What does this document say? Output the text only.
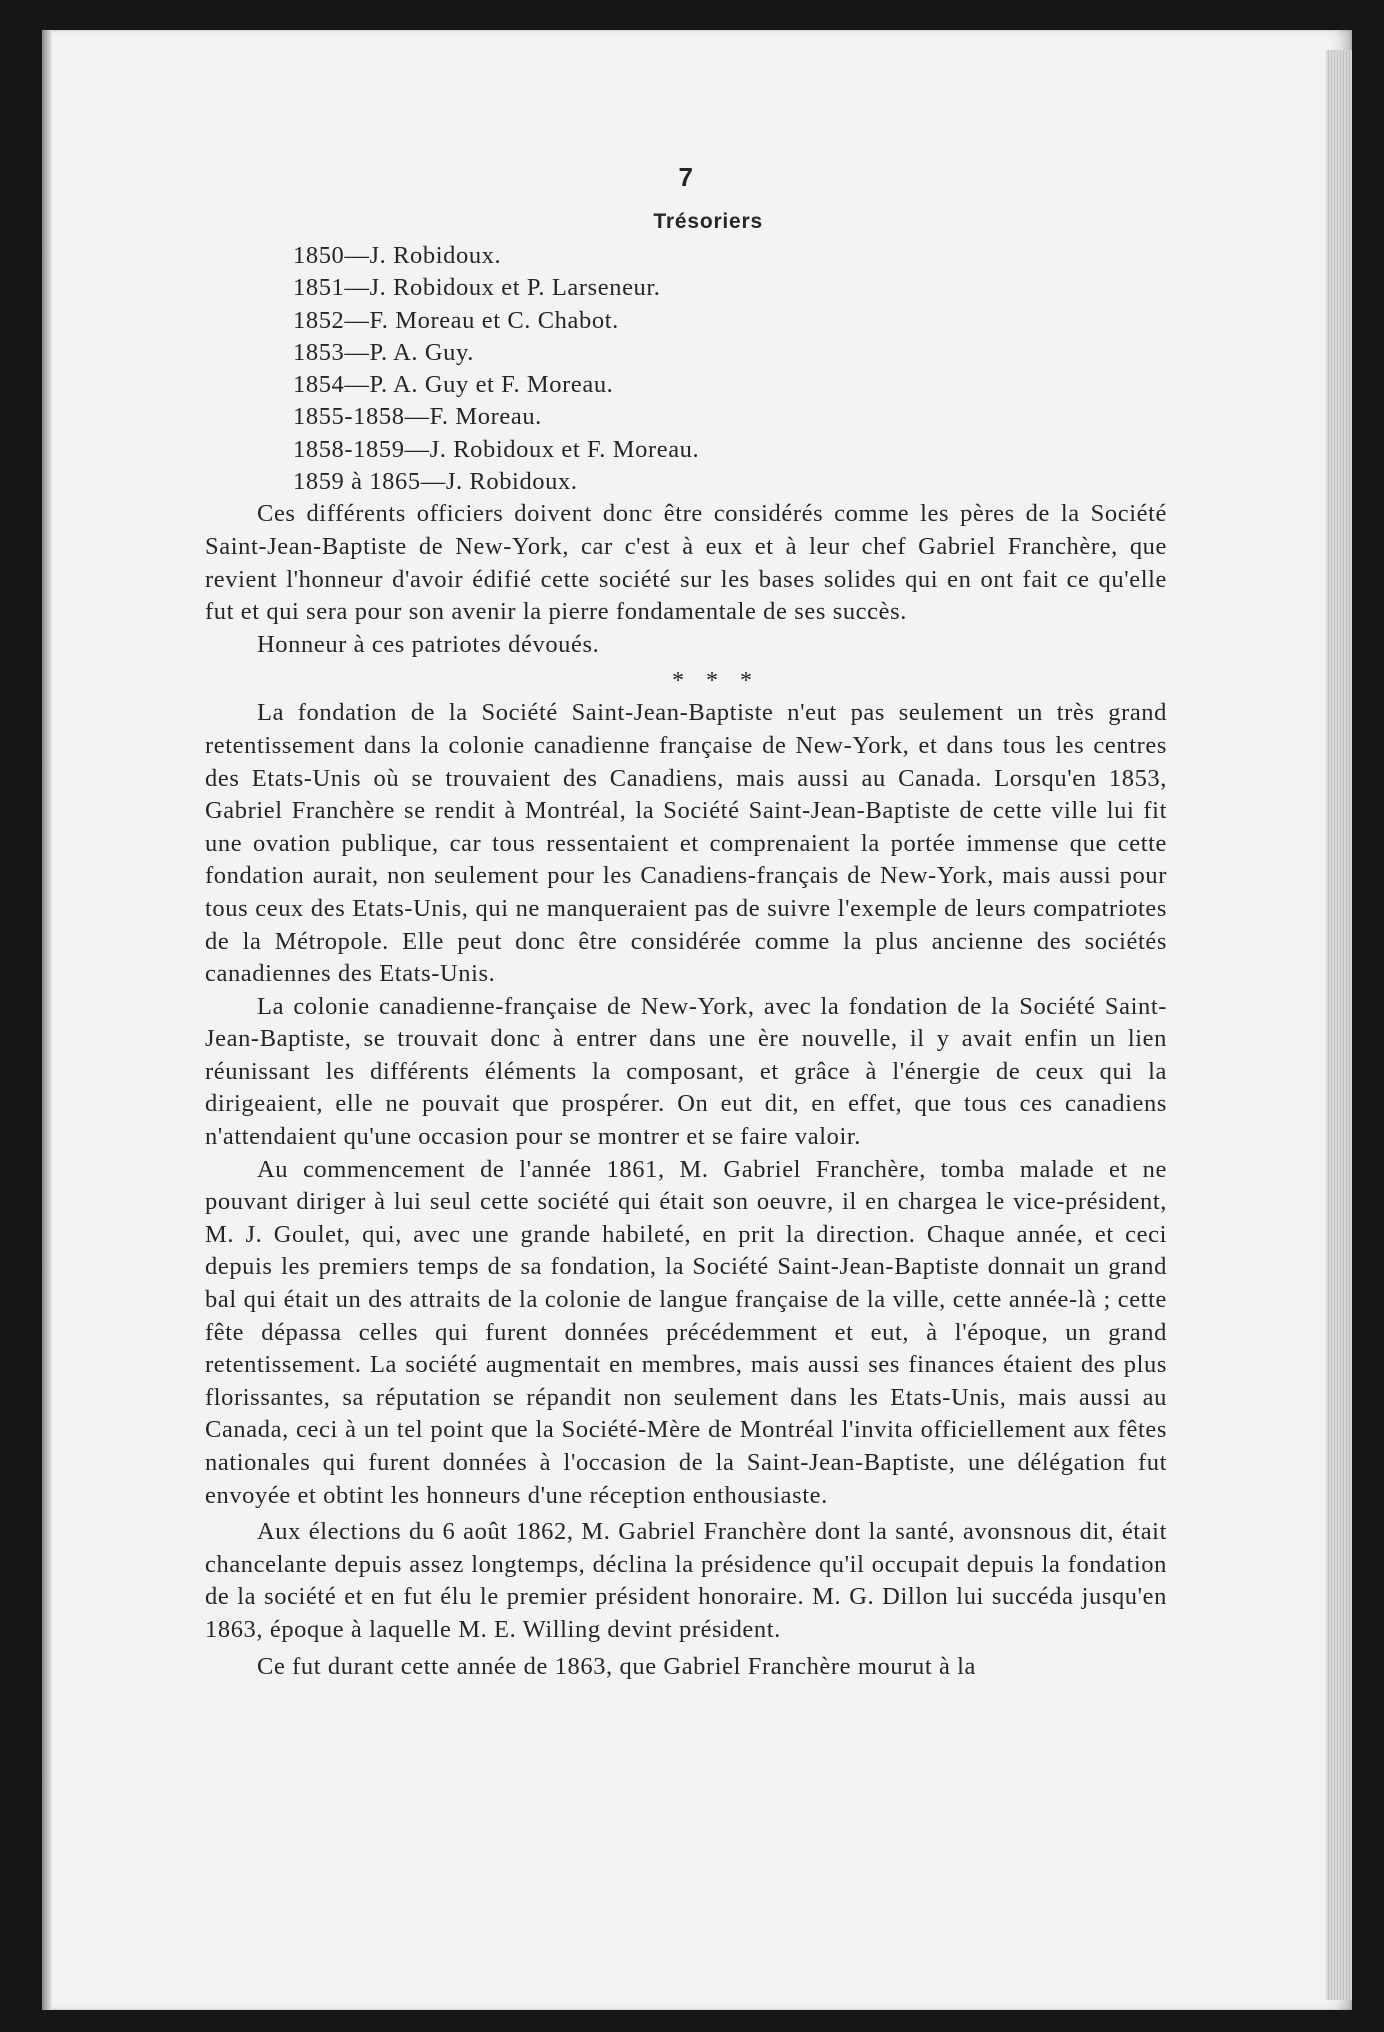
7
Trésoriers
1850—J. Robidoux.
1851—J. Robidoux et P. Larseneur.
1852—F. Moreau et C. Chabot.
1853—P. A. Guy.
1854—P. A. Guy et F. Moreau.
1855-1858—F. Moreau.
1858-1859—J. Robidoux et F. Moreau.
1859 à 1865—J. Robidoux.

Ces différents officiers doivent donc être considérés comme les pères de la Société Saint-Jean-Baptiste de New-York, car c'est à eux et à leur chef Gabriel Franchère, que revient l'honneur d'avoir édifié cette société sur les bases solides qui en ont fait ce qu'elle fut et qui sera pour son avenir la pierre fondamentale de ses succès.

Honneur à ces patriotes dévoués.

* * *

La fondation de la Société Saint-Jean-Baptiste n'eut pas seulement un très grand retentissement dans la colonie canadienne française de New-York, et dans tous les centres des Etats-Unis où se trouvaient des Canadiens, mais aussi au Canada. Lorsqu'en 1853, Gabriel Franchère se rendit à Montréal, la Société Saint-Jean-Baptiste de cette ville lui fit une ovation publique, car tous ressentaient et comprenaient la portée immense que cette fondation aurait, non seulement pour les Canadiens-français de New-York, mais aussi pour tous ceux des Etats-Unis, qui ne manqueraient pas de suivre l'exemple de leurs compatriotes de la Métropole. Elle peut donc être considérée comme la plus ancienne des sociétés canadiennes des Etats-Unis.

La colonie canadienne-française de New-York, avec la fondation de la Société Saint-Jean-Baptiste, se trouvait donc à entrer dans une ère nouvelle, il y avait enfin un lien réunissant les différents éléments la composant, et grâce à l'énergie de ceux qui la dirigeaient, elle ne pouvait que prospérer. On eut dit, en effet, que tous ces canadiens n'attendaient qu'une occasion pour se montrer et se faire valoir.

Au commencement de l'année 1861, M. Gabriel Franchère, tomba malade et ne pouvant diriger à lui seul cette société qui était son oeuvre, il en chargea le vice-président, M. J. Goulet, qui, avec une grande habileté, en prit la direction. Chaque année, et ceci depuis les premiers temps de sa fondation, la Société Saint-Jean-Baptiste donnait un grand bal qui était un des attraits de la colonie de langue française de la ville, cette année-là ; cette fête dépassa celles qui furent données précédemment et eut, à l'époque, un grand retentissement. La société augmentait en membres, mais aussi ses finances étaient des plus florissantes, sa réputation se répandit non seulement dans les Etats-Unis, mais aussi au Canada, ceci à un tel point que la Société-Mère de Montréal l'invita officiellement aux fêtes nationales qui furent données à l'occasion de la Saint-Jean-Baptiste, une délégation fut envoyée et obtint les honneurs d'une réception enthousiaste.

Aux élections du 6 août 1862, M. Gabriel Franchère dont la santé, avonsnous dit, était chancelante depuis assez longtemps, déclina la présidence qu'il occupait depuis la fondation de la société et en fut élu le premier président honoraire. M. G. Dillon lui succéda jusqu'en 1863, époque à laquelle M. E. Willing devint président.

Ce fut durant cette année de 1863, que Gabriel Franchère mourut à la
